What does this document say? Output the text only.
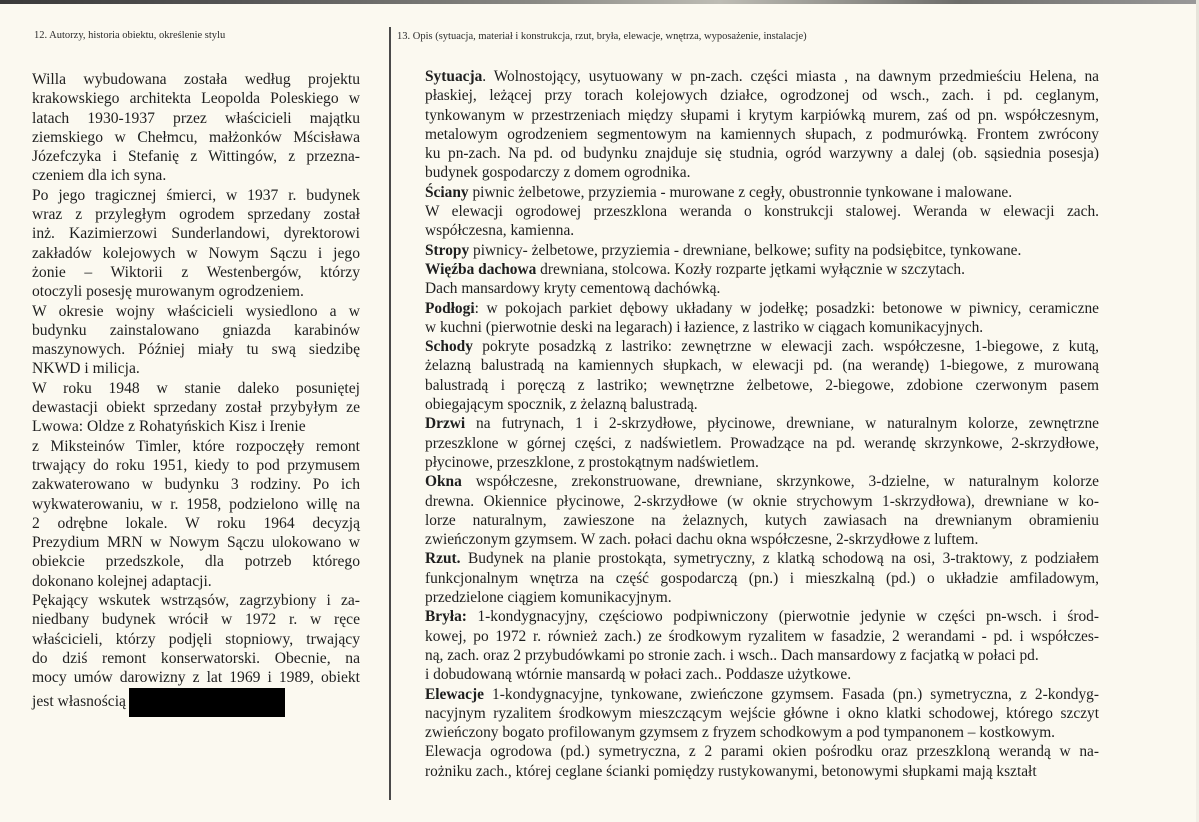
12. Autorzy, historia obiektu, określenie stylu	13. Opis (sytuacja, materiał i konstrukcja, rzut, bryła, elewacje, wnętrza, wyposażenie, instalacje)
Willa wybudowana została według projektu
krakowskiego architekta Leopolda Poleskiego w
latach 1930-1937 przez właścicieli majątku
ziemskiego w Chełmcu, małżonków Mścisława
Józefczyka i Stefanię z Wittingów, z przezna-
czeniem dla ich syna.
Po jego tragicznej śmierci, w 1937 r. budynek
wraz z przyległym ogrodem sprzedany został
inż. Kazimierzowi Sunderlandowi, dyrektorowi
zakładów kolejowych w Nowym Sączu i jego
żonie – Wiktorii z Westenbergów, którzy
otoczyli posesję murowanym ogrodzeniem.
W okresie wojny właścicieli wysiedlono a w
budynku zainstalowano gniazda karabinów
maszynowych. Później miały tu swą siedzibę
NKWD i milicja.
W roku 1948 w stanie daleko posuniętej
dewastacji obiekt sprzedany został przybyłym ze
Lwowa: Oldze z Rohatyńskich Kisz i Irenie
z Miksteinów Timler, które rozpoczęły remont
trwający do roku 1951, kiedy to pod przymusem
zakwaterowano w budynku 3 rodziny. Po ich
wykwaterowaniu, w r. 1958, podzielono willę na
2 odrębne lokale. W roku 1964 decyzją
Prezydium MRN w Nowym Sączu ulokowano w
obiekcie przedszkole, dla potrzeb którego
dokonano kolejnej adaptacji.
Pękający wskutek wstrząsów, zagrzybiony i za-
niedbany budynek wrócił w 1972 r. w ręce
właścicieli, którzy podjęli stopniowy, trwający
do dziś remont konserwatorski. Obecnie, na
mocy umów darowizny z lat 1969 i 1989, obiekt
jest własnością
Sytuacja. Wolnostojący, usytuowany w pn-zach. części miasta , na dawnym przedmieściu Helena, na
płaskiej, leżącej przy torach kolejowych działce, ogrodzonej od wsch., zach. i pd. ceglanym,
tynkowanym w przestrzeniach między słupami i krytym karpiówką murem, zaś od pn. współczesnym,
metalowym ogrodzeniem segmentowym na kamiennych słupach, z podmurówką. Frontem zwrócony
ku pn-zach. Na pd. od budynku znajduje się studnia, ogród warzywny a dalej (ob. sąsiednia posesja)
budynek gospodarczy z domem ogrodnika.
Ściany piwnic żelbetowe, przyziemia - murowane z cegły, obustronnie tynkowane i malowane.
W elewacji ogrodowej przeszklona weranda o konstrukcji stalowej. Weranda w elewacji zach.
współczesna, kamienna.
Stropy piwnicy- żelbetowe, przyziemia - drewniane, belkowe; sufity na podsiębitce, tynkowane.
Więźba dachowa drewniana, stolcowa. Kozły rozparte jętkami wyłącznie w szczytach.
Dach mansardowy kryty cementową dachówką.
Podłogi: w pokojach parkiet dębowy układany w jodełkę; posadzki: betonowe w piwnicy, ceramiczne
w kuchni (pierwotnie deski na legarach) i łazience, z lastriko w ciągach komunikacyjnych.
Schody pokryte posadzką z lastriko: zewnętrzne w elewacji zach. współczesne, 1-biegowe, z kutą,
żelazną balustradą na kamiennych słupkach, w elewacji pd. (na werandę) 1-biegowe, z murowaną
balustradą i poręczą z lastriko; wewnętrzne żelbetowe, 2-biegowe, zdobione czerwonym pasem
obiegającym spocznik, z żelazną balustradą.
Drzwi na futrynach, 1 i 2-skrzydłowe, płycinowe, drewniane, w naturalnym kolorze, zewnętrzne
przeszklone w górnej części, z nadświetlem. Prowadzące na pd. werandę skrzynkowe, 2-skrzydłowe,
płycinowe, przeszklone, z prostokątnym nadświetlem.
Okna współczesne, zrekonstruowane, drewniane, skrzynkowe, 3-dzielne, w naturalnym kolorze
drewna. Okiennice płycinowe, 2-skrzydłowe (w oknie strychowym 1-skrzydłowa), drewniane w ko-
lorze naturalnym, zawieszone na żelaznych, kutych zawiasach na drewnianym obramieniu
zwieńczonym gzymsem. W zach. połaci dachu okna współczesne, 2-skrzydłowe z luftem.
Rzut. Budynek na planie prostokąta, symetryczny, z klatką schodową na osi, 3-traktowy, z podziałem
funkcjonalnym wnętrza na część gospodarczą (pn.) i mieszkalną (pd.) o układzie amfiladowym,
przedzielone ciągiem komunikacyjnym.
Bryła: 1-kondygnacyjny, częściowo podpiwniczony (pierwotnie jedynie w części pn-wsch. i środ-
kowej, po 1972 r. również zach.) ze środkowym ryzalitem w fasadzie, 2 werandami - pd. i współczes-
ną, zach. oraz 2 przybudówkami po stronie zach. i wsch.. Dach mansardowy z facjatką w połaci pd.
i dobudowaną wtórnie mansardą w połaci zach.. Poddasze użytkowe.
Elewacje 1-kondygnacyjne, tynkowane, zwieńczone gzymsem. Fasada (pn.) symetryczna, z 2-kondyg-
nacyjnym ryzalitem środkowym mieszczącym wejście główne i okno klatki schodowej, którego szczyt
zwieńczony bogato profilowanym gzymsem z fryzem schodkowym a pod tympanonem – kostkowym.
Elewacja ogrodowa (pd.) symetryczna, z 2 parami okien pośrodku oraz przeszkloną werandą w na-
rożniku zach., której ceglane ścianki pomiędzy rustykowanymi, betonowymi słupkami mają kształt
